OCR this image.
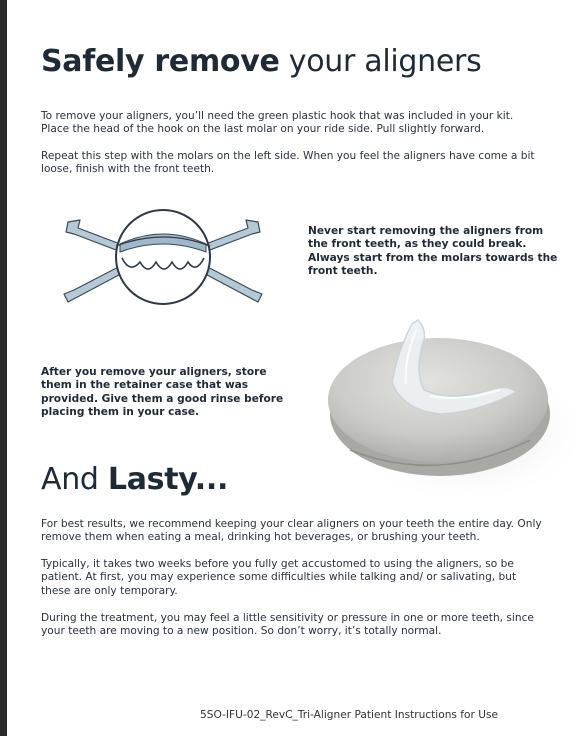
Safely remove your aligners

To remove your aligners, you’ll need the green plastic hook that was included in your kit. Place the head of the hook on the last molar on your ride side. Pull slightly forward.

Repeat this step with the molars on the left side. When you feel the aligners have come a bit loose, finish with the front teeth.

Never start removing the aligners from the front teeth, as they could break. Always start from the molars towards the front teeth.

After you remove your aligners, store them in the retainer case that was provided. Give them a good rinse before placing them in your case.

And Lasty...

For best results, we recommend keeping your clear aligners on your teeth the entire day. Only remove them when eating a meal, drinking hot beverages, or brushing your teeth.

Typically, it takes two weeks before you fully get accustomed to using the aligners, so be patient. At first, you may experience some difficulties while talking and/ or salivating, but these are only temporary.

During the treatment, you may feel a little sensitivity or pressure in one or more teeth, since your teeth are moving to a new position. So don’t worry, it’s totally normal.

5SO-IFU-02_RevC_Tri-Aligner Patient Instructions for Use
